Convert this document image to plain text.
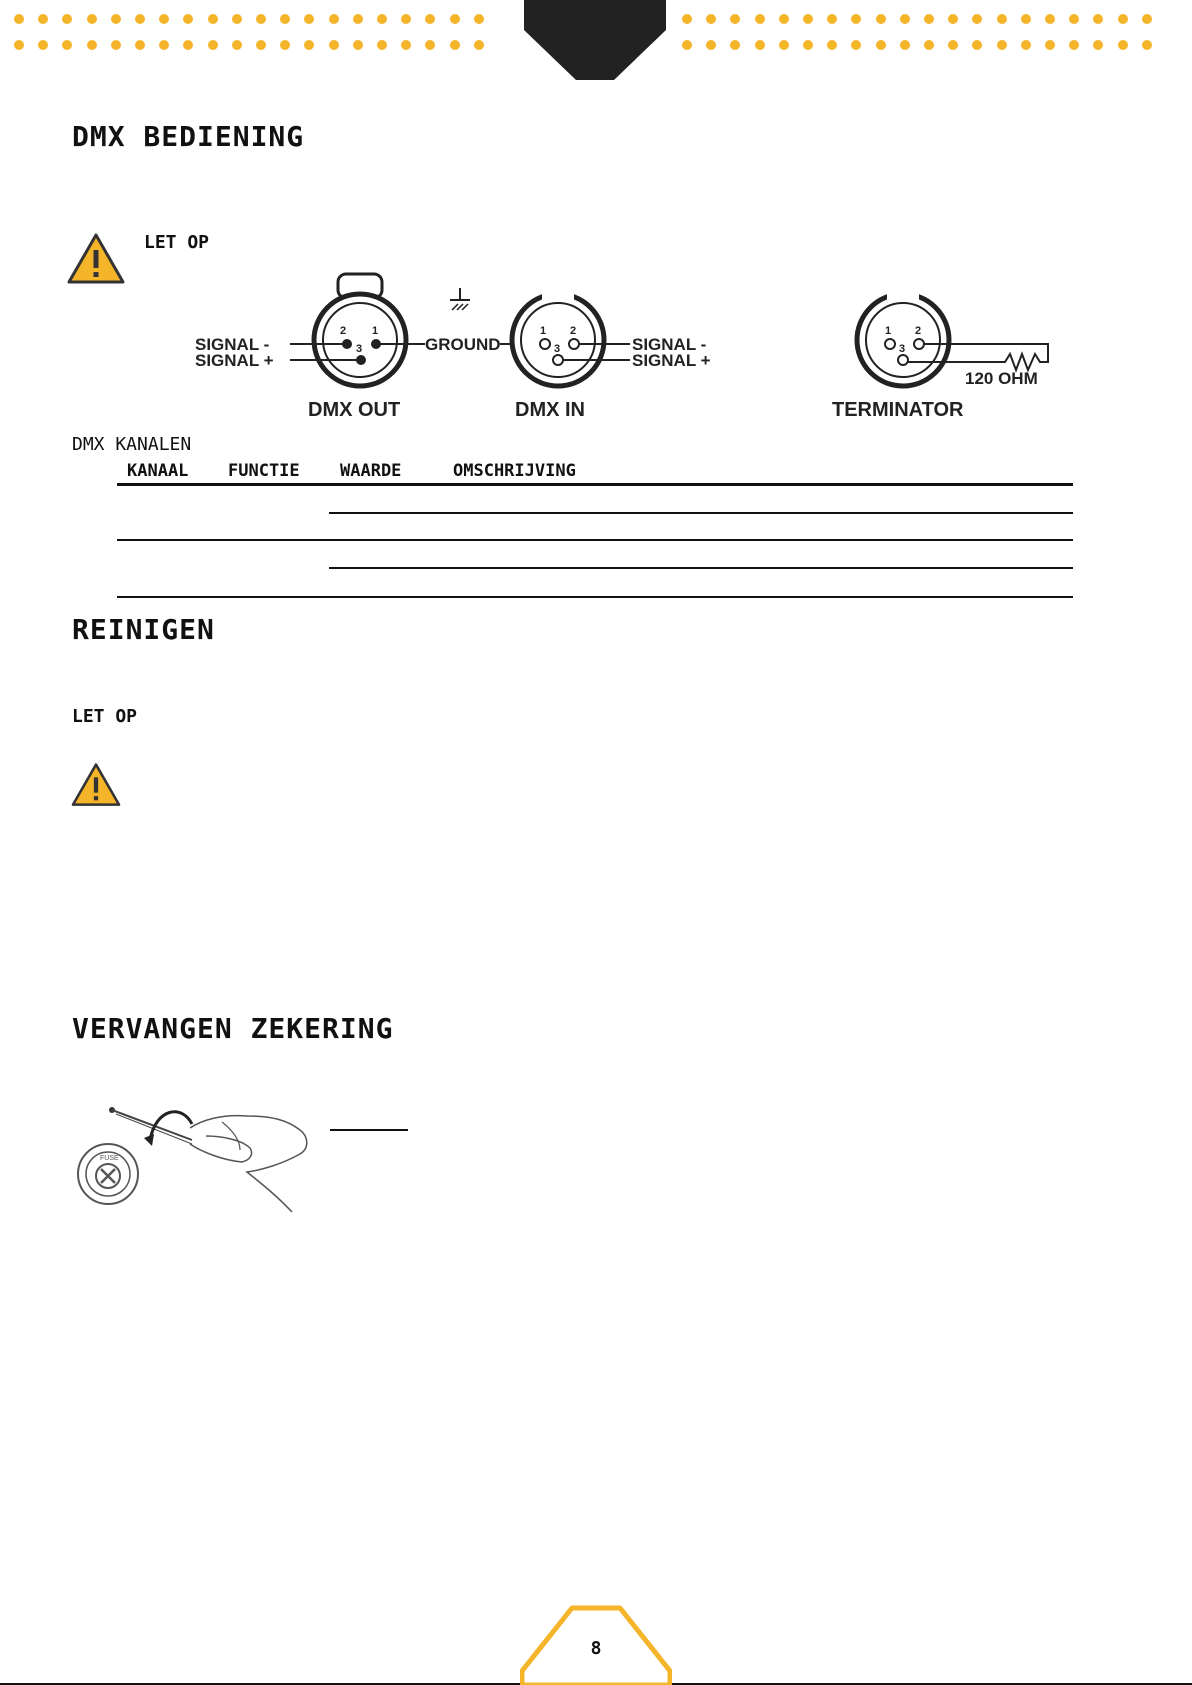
DMX BEDIENING
LET OP
2 1
3
SIGNAL -
SIGNAL +
GROUND
1 2
3	SIGNAL -
SIGNAL +
1 2
3
120 OHM
DMX OUT	DMX IN	TERMINATOR
DMX KANALEN
KANAAL FUNCTIE WAARDE	OMSCHRIJVING
REINIGEN
LET OP
VERVANGEN ZEKERING
FUSE
8
